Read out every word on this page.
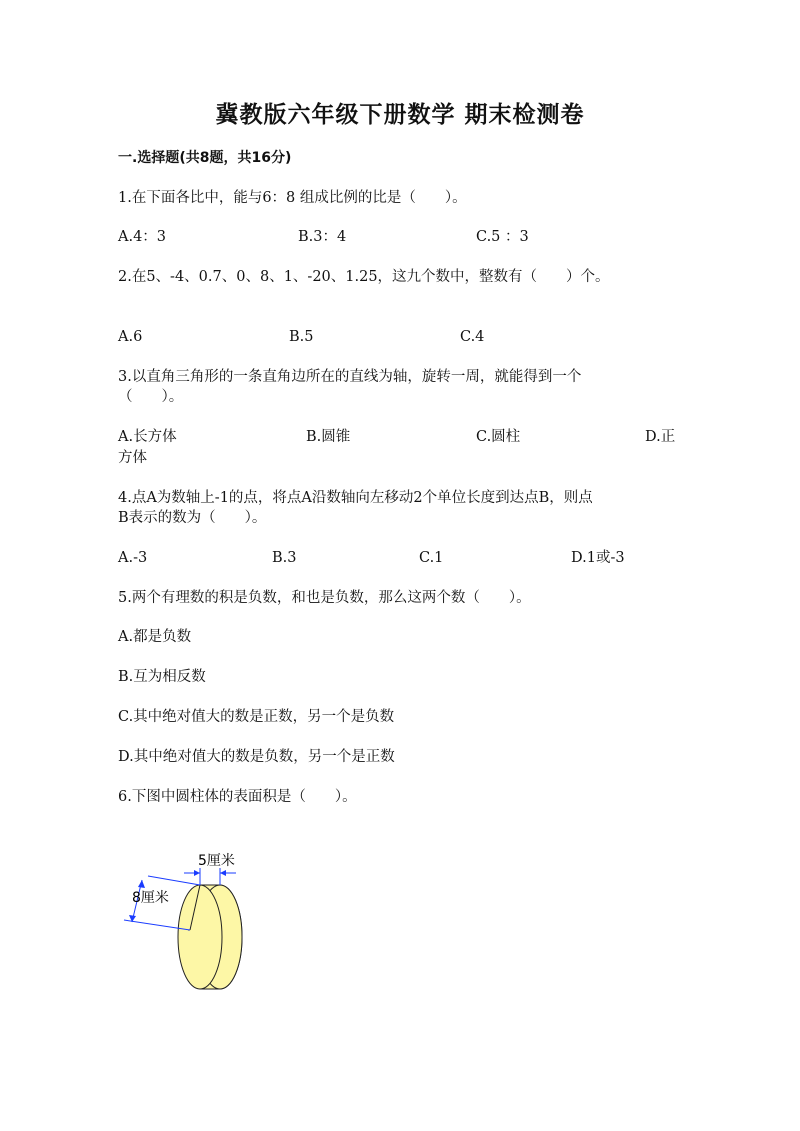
冀教版六年级下册数学 期末检测卷
一.选择题(共8题，共16分)
1.在下面各比中，能与6：8 组成比例的比是（　　）。
A.4：3	B.3：4	C.5 ：3
2.在5、-4、0.7、0、8、1、-20、1.25，这九个数中，整数有（　　）个。
A.6	B.5	C.4
3.以直角三角形的一条直角边所在的直线为轴，旋转一周，就能得到一个
（　　）。
A.长方体	B.圆锥	C.圆柱	D.正
方体
4.点A为数轴上-1的点，将点A沿数轴向左移动2个单位长度到达点B，则点
B表示的数为（　　）。
A.-3	B.3	C.1	D.1或-3
5.两个有理数的积是负数，和也是负数，那么这两个数（　　）。
A.都是负数
B.互为相反数
C.其中绝对值大的数是正数，另一个是负数
D.其中绝对值大的数是负数，另一个是正数
6.下图中圆柱体的表面积是（　　）。
5厘米
8厘米
